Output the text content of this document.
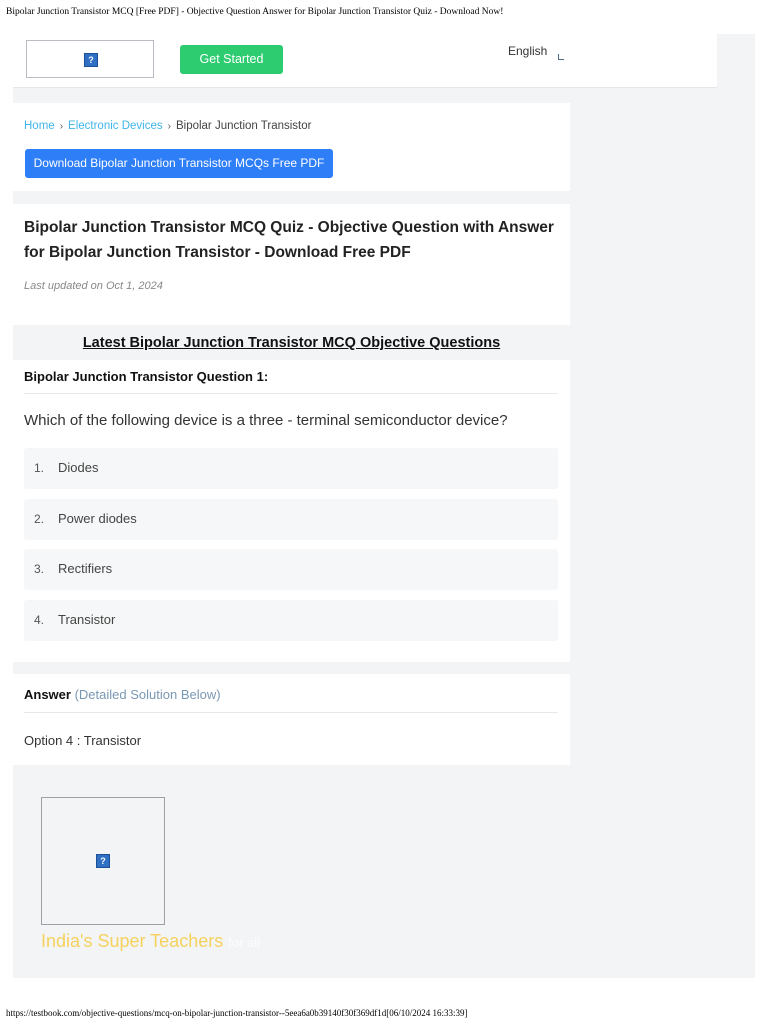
Bipolar Junction Transistor MCQ [Free PDF] - Objective Question Answer for Bipolar Junction Transistor Quiz - Download Now!
?	Get Started
English
Home › Electronic Devices › Bipolar Junction Transistor
Download Bipolar Junction Transistor MCQs Free PDF
Bipolar Junction Transistor MCQ Quiz - Objective Question with Answer for Bipolar Junction Transistor - Download Free PDF
Last updated on Oct 1, 2024
Latest Bipolar Junction Transistor MCQ Objective Questions
Bipolar Junction Transistor Question 1:
Which of the following device is a three - terminal semiconductor device?
1. Diodes
2. Power diodes
3. Rectifiers
4. Transistor
Answer (Detailed Solution Below)
Option 4 : Transistor
?
India's Super Teachers for all
https://testbook.com/objective-questions/mcq-on-bipolar-junction-transistor--5eea6a0b39140f30f369df1d[06/10/2024 16:33:39]
